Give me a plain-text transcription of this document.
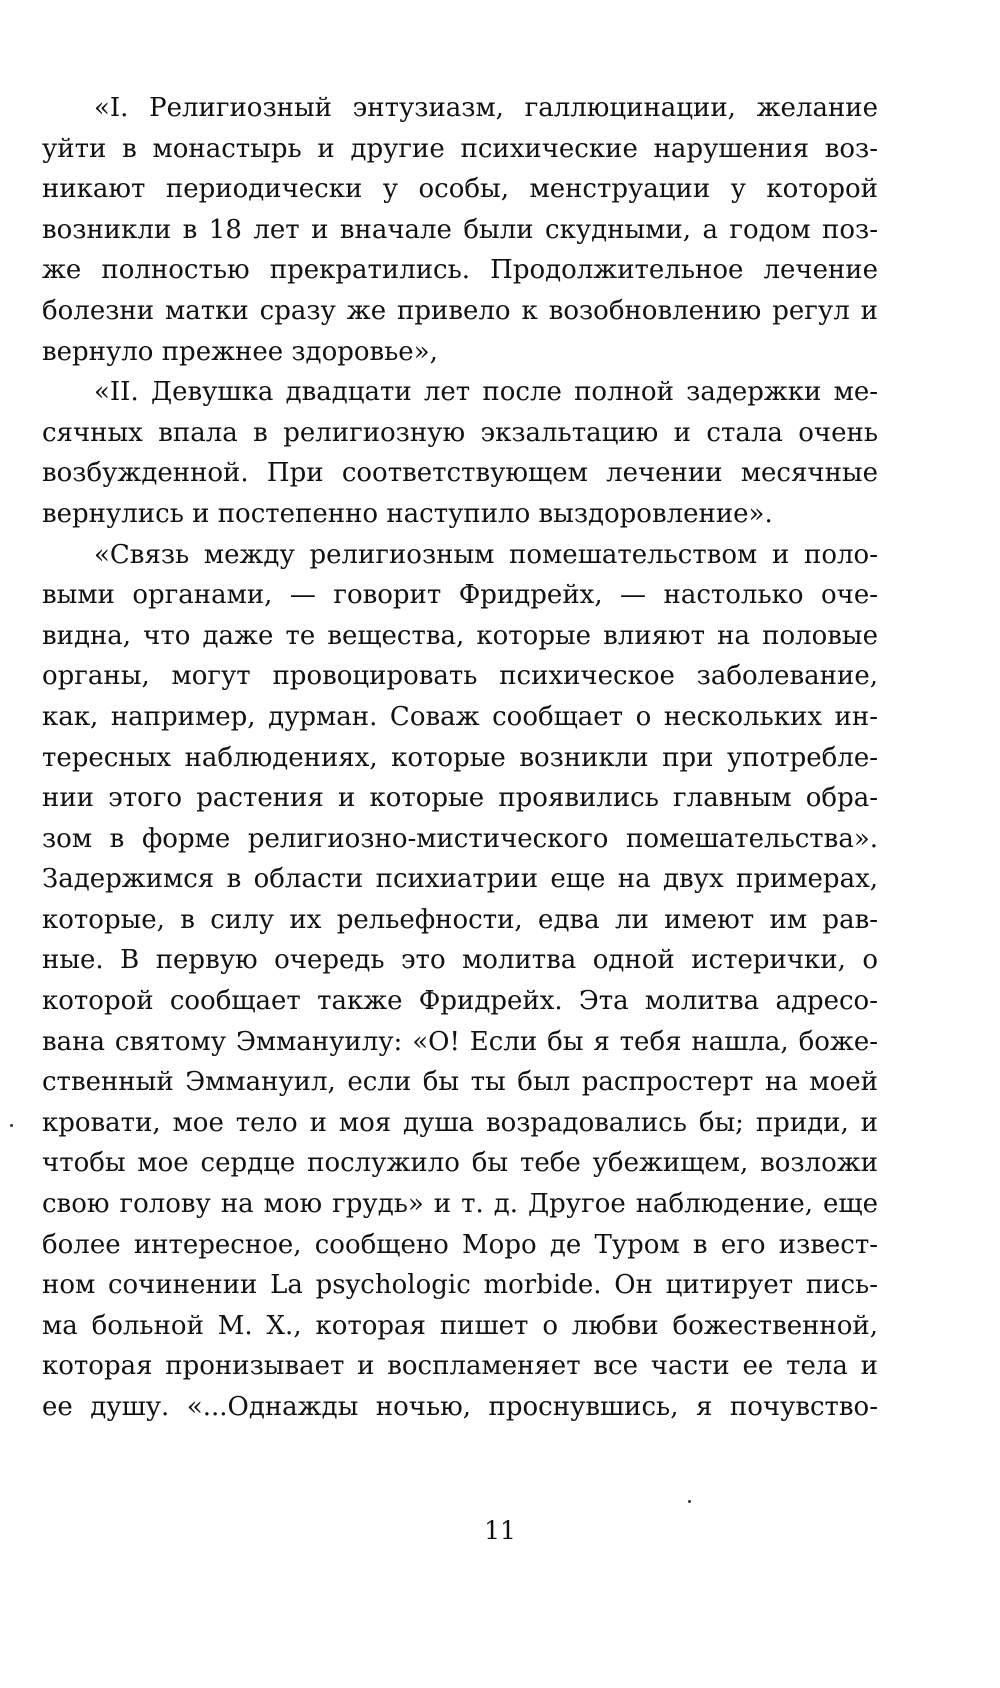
«I. Религиозный энтузиазм, галлюцинации, желание
уйти в монастырь и другие психические нарушения воз-
никают периодически у особы, менструации у которой
возникли в 18 лет и вначале были скудными, а годом поз-
же полностью прекратились. Продолжительное лечение
болезни матки сразу же привело к возобновлению регул и
вернуло прежнее здоровье»,
«II. Девушка двадцати лет после полной задержки ме-
сячных впала в религиозную экзальтацию и стала очень
возбужденной. При соответствующем лечении месячные
вернулись и постепенно наступило выздоровление».
«Связь между религиозным помешательством и поло-
выми органами, — говорит Фридрейх, — настолько оче-
видна, что даже те вещества, которые влияют на половые
органы, могут провоцировать психическое заболевание,
как, например, дурман. Соваж сообщает о нескольких ин-
тересных наблюдениях, которые возникли при употребле-
нии этого растения и которые проявились главным обра-
зом в форме религиозно-мистического помешательства».
Задержимся в области психиатрии еще на двух примерах,
которые, в силу их рельефности, едва ли имеют им рав-
ные. В первую очередь это молитва одной истерички, о
которой сообщает также Фридрейх. Эта молитва адресо-
вана святому Эммануилу: «О! Если бы я тебя нашла, боже-
ственный Эммануил, если бы ты был распростерт на моей
кровати, мое тело и моя душа возрадовались бы; приди, и
чтобы мое сердце послужило бы тебе убежищем, возложи
свою голову на мою грудь» и т. д. Другое наблюдение, еще
более интересное, сообщено Моро де Туром в его извест-
ном сочинении La psychologic morbide. Он цитирует пись-
ма больной М. Х., которая пишет о любви божественной,
которая пронизывает и воспламеняет все части ее тела и
ее душу. «...Однажды ночью, проснувшись, я почувство-
11
